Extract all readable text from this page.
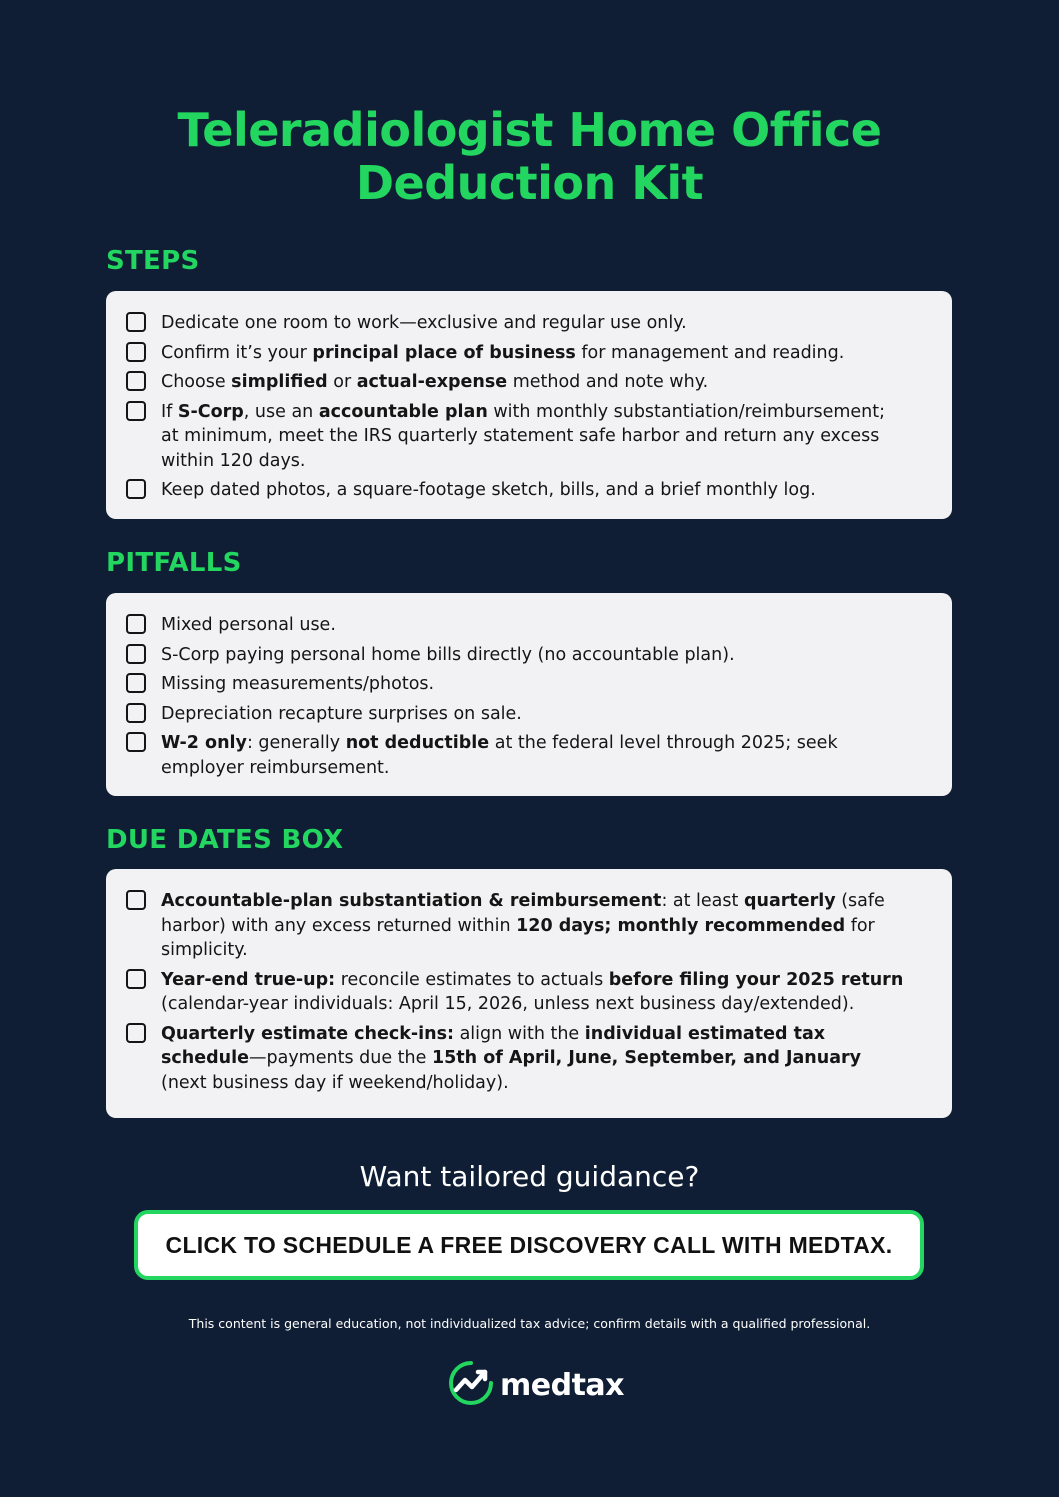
Teleradiologist Home Office
Deduction Kit
STEPS
Dedicate one room to work—exclusive and regular use only.
Confirm it’s your principal place of business for management and reading.
Choose simplified or actual-expense method and note why.
If S-Corp, use an accountable plan with monthly substantiation/reimbursement; at minimum, meet the IRS quarterly statement safe harbor and return any excess within 120 days.
Keep dated photos, a square-footage sketch, bills, and a brief monthly log.
PITFALLS
Mixed personal use.
S-Corp paying personal home bills directly (no accountable plan).
Missing measurements/photos.
Depreciation recapture surprises on sale.
W-2 only: generally not deductible at the federal level through 2025; seek employer reimbursement.
DUE DATES BOX
Accountable-plan substantiation & reimbursement: at least quarterly (safe harbor) with any excess returned within 120 days; monthly recommended for simplicity.
Year-end true-up: reconcile estimates to actuals before filing your 2025 return (calendar-year individuals: April 15, 2026, unless next business day/extended).
Quarterly estimate check-ins: align with the individual estimated tax schedule—payments due the 15th of April, June, September, and January (next business day if weekend/holiday).

Want tailored guidance?

CLICK TO SCHEDULE A FREE DISCOVERY CALL WITH MEDTAX.

This content is general education, not individualized tax advice; confirm details with a qualified professional.

medtax
